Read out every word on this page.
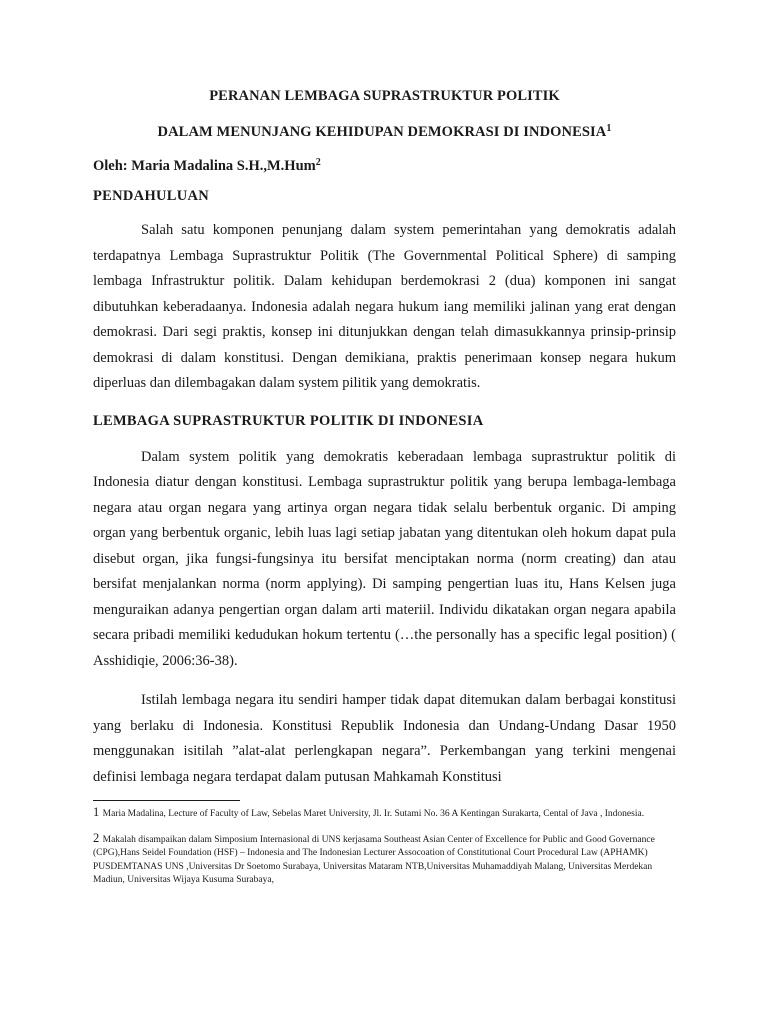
PERANAN LEMBAGA SUPRASTRUKTUR POLITIK

DALAM MENUNJANG KEHIDUPAN DEMOKRASI DI INDONESIA$^1$

Oleh: Maria Madalina S.H.,M.Hum$^2$

PENDAHULUAN

Salah satu komponen penunjang dalam system pemerintahan yang demokratis adalah terdapatnya Lembaga Suprastruktur Politik (The Governmental Political Sphere) di samping lembaga Infrastruktur politik. Dalam kehidupan berdemokrasi 2 (dua) komponen ini sangat dibutuhkan keberadaanya. Indonesia adalah negara hukum iang memiliki jalinan yang erat dengan demokrasi. Dari segi praktis, konsep ini ditunjukkan dengan telah dimasukkannya prinsip-prinsip demokrasi di dalam konstitusi. Dengan demikiana, praktis penerimaan konsep negara hukum diperluas dan dilembagakan dalam system pilitik yang demokratis.

LEMBAGA SUPRASTRUKTUR POLITIK DI INDONESIA

Dalam system politik yang demokratis keberadaan lembaga suprastruktur politik di Indonesia diatur dengan konstitusi. Lembaga suprastruktur politik yang berupa lembaga-lembaga negara atau organ negara yang artinya organ negara tidak selalu berbentuk organic. Di amping organ yang berbentuk organic, lebih luas lagi setiap jabatan yang ditentukan oleh hokum dapat pula disebut organ, jika fungsi-fungsinya itu bersifat menciptakan norma (norm creating) dan atau bersifat menjalankan norma (norm applying). Di samping pengertian luas itu, Hans Kelsen juga menguraikan adanya pengertian organ dalam arti materiil. Individu dikatakan organ negara apabila secara pribadi memiliki kedudukan hokum tertentu (…the personally has a specific legal position) ( Asshidiqie, 2006:36-38).

Istilah lembaga negara itu sendiri hamper tidak dapat ditemukan dalam berbagai konstitusi yang berlaku di Indonesia. Konstitusi Republik Indonesia dan Undang-Undang Dasar 1950 menggunakan isitilah ”alat-alat perlengkapan negara”. Perkembangan yang terkini mengenai definisi lembaga negara terdapat dalam putusan Mahkamah Konstitusi

1 Maria Madalina, Lecture of Faculty of Law, Sebelas Maret University, Jl. Ir. Sutami No. 36 A Kentingan Surakarta, Cental of Java , Indonesia.

2 Makalah disampaikan dalam Simposium Internasional di UNS kerjasama Southeast Asian Center of Excellence for Public and Good Governance (CPG),Hans Seidel Foundation (HSF) – Indonesia and The Indonesian Lecturer Assocoation of Constitutional Court Procedural Law (APHAMK) PUSDEMTANAS UNS ,Universitas Dr Soetomo Surabaya, Universitas Mataram NTB,Universitas Muhamaddiyah Malang, Universitas Merdekan Madiun, Universitas Wijaya Kusuma Surabaya,
